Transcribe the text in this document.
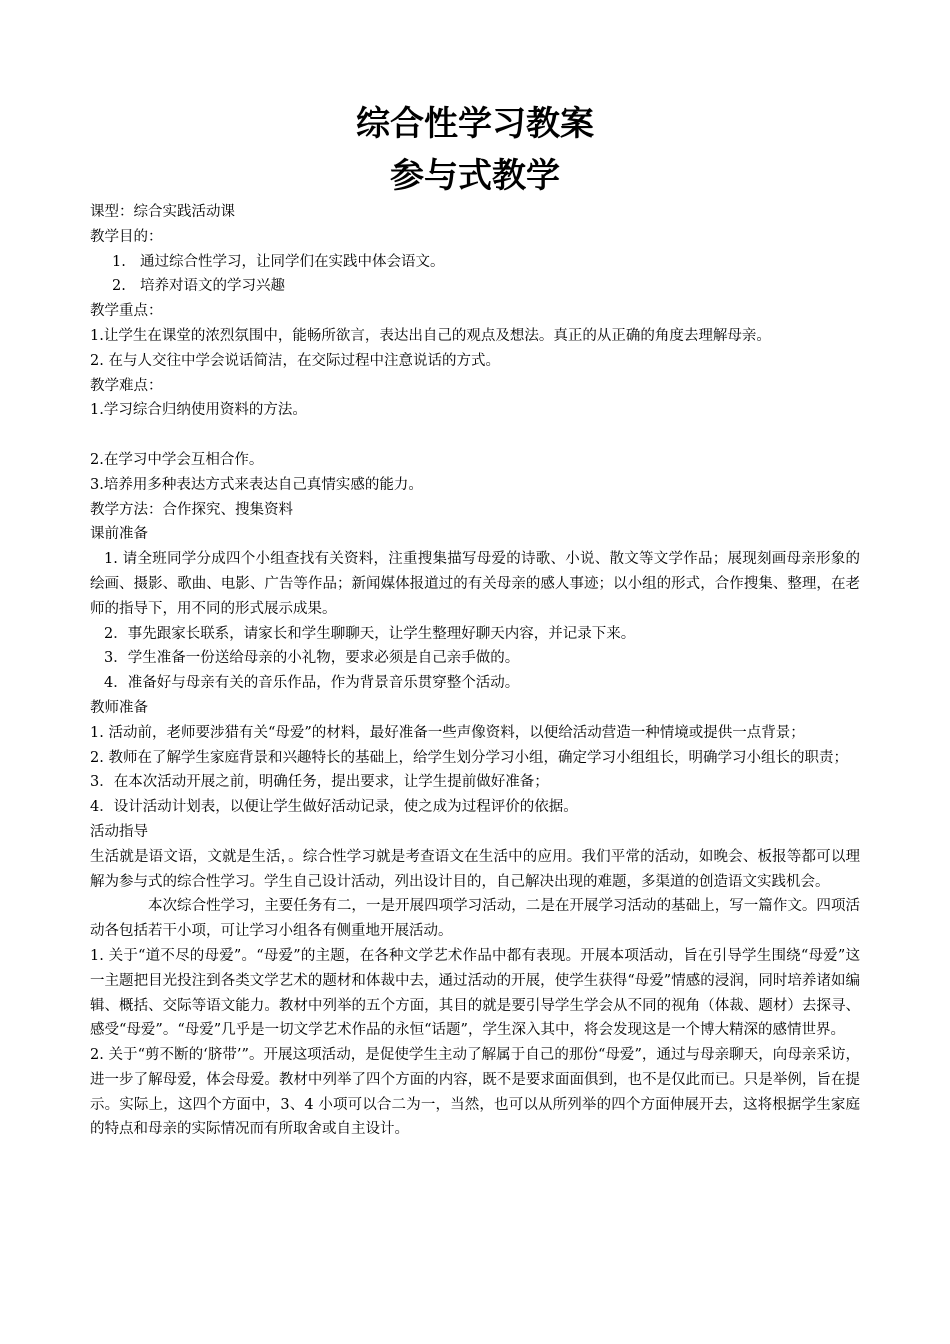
综合性学习教案
参与式教学

课型：综合实践活动课

教学目的：

1. 通过综合性学习，让同学们在实践中体会语文。

2. 培养对语文的学习兴趣

教学重点：

1.让学生在课堂的浓烈氛围中，能畅所欲言，表达出自己的观点及想法。真正的从正确的角度去理解母亲。

2. 在与人交往中学会说话简洁，在交际过程中注意说话的方式。

教学难点：

1.学习综合归纳使用资料的方法。

2.在学习中学会互相合作。

3.培养用多种表达方式来表达自己真情实感的能力。

教学方法：合作探究、搜集资料

课前准备

1. 请全班同学分成四个小组查找有关资料，注重搜集描写母爱的诗歌、小说、散文等文学作品；展现刻画母亲形象的绘画、摄影、歌曲、电影、广告等作品；新闻媒体报道过的有关母亲的感人事迹；以小组的形式，合作搜集、整理，在老师的指导下，用不同的形式展示成果。

2．事先跟家长联系，请家长和学生聊聊天，让学生整理好聊天内容，并记录下来。

3．学生准备一份送给母亲的小礼物，要求必须是自己亲手做的。

4．准备好与母亲有关的音乐作品，作为背景音乐贯穿整个活动。

教师准备

1. 活动前，老师要涉猎有关“母爱”的材料，最好准备一些声像资料，以便给活动营造一种情境或提供一点背景；

2. 教师在了解学生家庭背景和兴趣特长的基础上，给学生划分学习小组，确定学习小组组长，明确学习小组长的职责；

3．在本次活动开展之前，明确任务，提出要求，让学生提前做好准备；

4．设计活动计划表，以便让学生做好活动记录，使之成为过程评价的依据。

活动指导

生活就是语文语，文就是生活，。综合性学习就是考查语文在生活中的应用。我们平常的活动，如晚会、板报等都可以理解为参与式的综合性学习。学生自己设计活动，列出设计目的，自己解决出现的难题，多渠道的创造语文实践机会。

本次综合性学习，主要任务有二，一是开展四项学习活动，二是在开展学习活动的基础上，写一篇作文。四项活动各包括若干小项，可让学习小组各有侧重地开展活动。

1. 关于“道不尽的母爱”。“母爱”的主题，在各种文学艺术作品中都有表现。开展本项活动，旨在引导学生围绕“母爱”这一主题把目光投注到各类文学艺术的题材和体裁中去，通过活动的开展，使学生获得“母爱”情感的浸润，同时培养诸如编辑、概括、交际等语文能力。教材中列举的五个方面，其目的就是要引导学生学会从不同的视角（体裁、题材）去探寻、感受“母爱”。“母爱”几乎是一切文学艺术作品的永恒“话题”，学生深入其中，将会发现这是一个博大精深的感情世界。

2. 关于“剪不断的‘脐带’”。开展这项活动，是促使学生主动了解属于自己的那份“母爱”，通过与母亲聊天，向母亲采访，进一步了解母爱，体会母爱。教材中列举了四个方面的内容，既不是要求面面俱到，也不是仅此而已。只是举例，旨在提示。实际上，这四个方面中，3、4 小项可以合二为一，当然，也可以从所列举的四个方面伸展开去，这将根据学生家庭的特点和母亲的实际情况而有所取舍或自主设计。
